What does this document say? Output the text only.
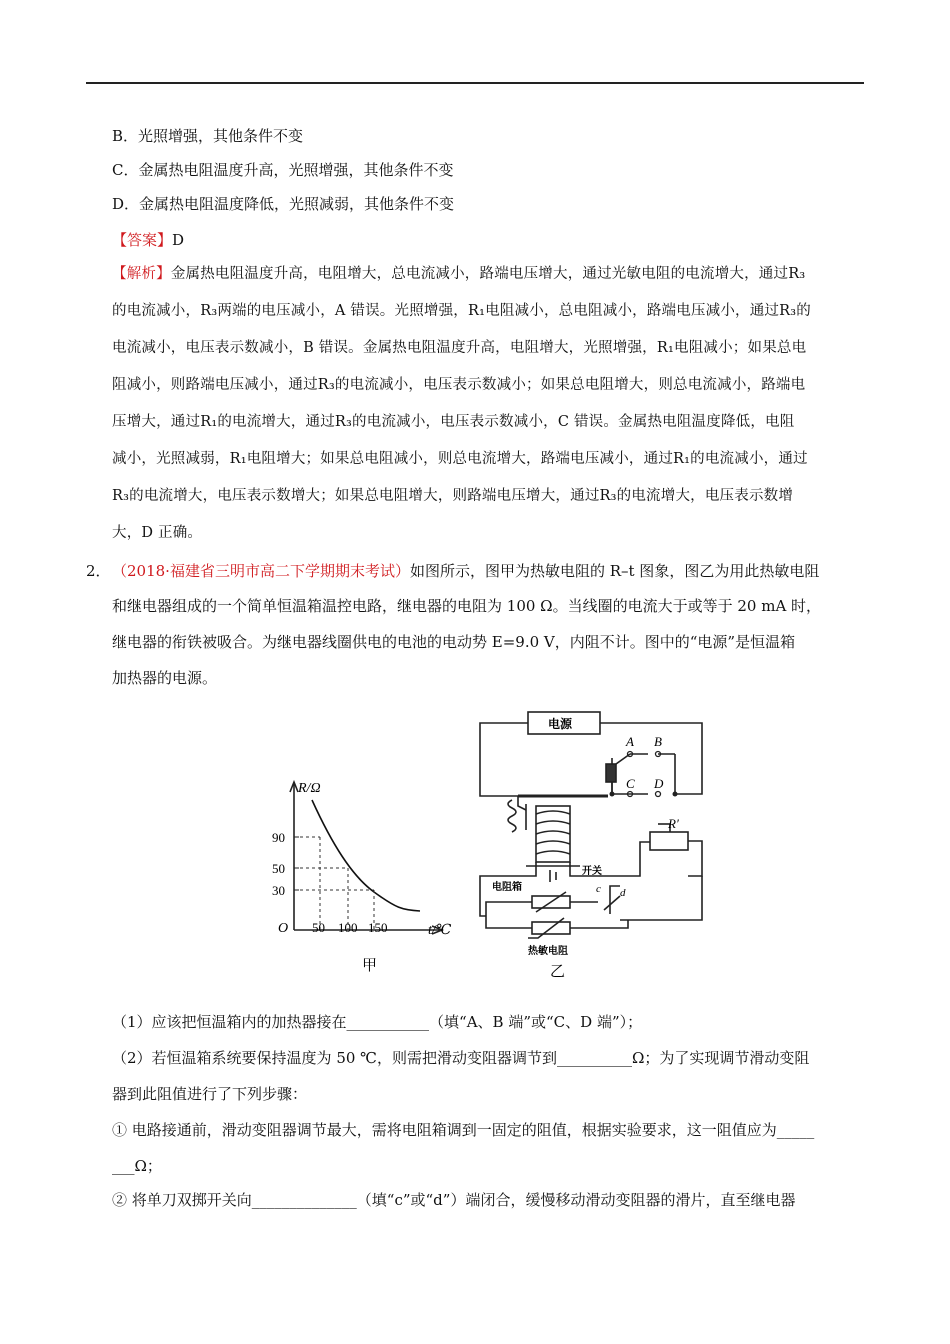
B．光照增强，其他条件不变
C．金属热电阻温度升高，光照增强，其他条件不变
D．金属热电阻温度降低，光照减弱，其他条件不变
【答案】D
【解析】金属热电阻温度升高，电阻增大，总电流减小，路端电压增大，通过光敏电阻的电流增大，通过R₃
的电流减小，R₃两端的电压减小，A 错误。光照增强，R₁电阻减小，总电阻减小，路端电压减小，通过R₃的
电流减小，电压表示数减小，B 错误。金属热电阻温度升高，电阻增大，光照增强，R₁电阻减小；如果总电
阻减小，则路端电压减小，通过R₃的电流减小，电压表示数减小；如果总电阻增大，则总电流减小，路端电
压增大，通过R₁的电流增大，通过R₃的电流减小，电压表示数减小，C 错误。金属热电阻温度降低，电阻
减小，光照减弱，R₁电阻增大；如果总电阻减小，则总电流增大，路端电压减小，通过R₁的电流减小，通过
R₃的电流增大，电压表示数增大；如果总电阻增大，则路端电压增大，通过R₃的电流增大，电压表示数增
大，D 正确。
2． （2018·福建省三明市高二下学期期末考试）如图所示，图甲为热敏电阻的 R–t 图象，图乙为用此热敏电阻
和继电器组成的一个简单恒温箱温控电路，继电器的电阻为 100 Ω。当线圈的电流大于或等于 20 mA 时，
继电器的衔铁被吸合。为继电器线圈供电的电池的电动势 E=9.0 V，内阻不计。图中的“电源”是恒温箱
加热器的电源。
R/Ω
90
50
30
O 50 100 150	t/℃
甲
电源
A B
C D
R′
开关
c d
电阻箱
热敏电阻
乙
（1）应该把恒温箱内的加热器接在___________（填“A、B 端”或“C、D 端”）；
（2）若恒温箱系统要保持温度为 50 ℃，则需把滑动变阻器调节到__________Ω；为了实现调节滑动变阻
器到此阻值进行了下列步骤：
① 电路接通前，滑动变阻器调节最大，需将电阻箱调到一固定的阻值，根据实验要求，这一阻值应为_____
___Ω；
② 将单刀双掷开关向______________（填“c”或“d”）端闭合，缓慢移动滑动变阻器的滑片，直至继电器
